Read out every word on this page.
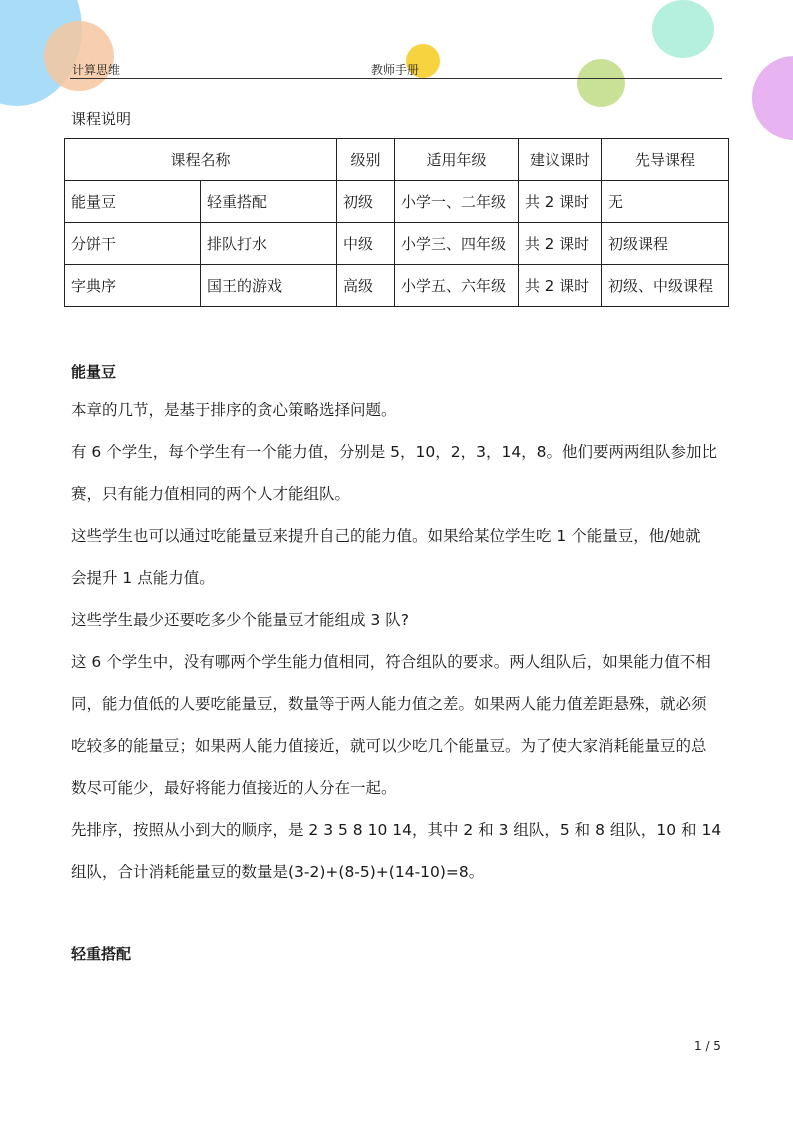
计算思维	教师手册
课程说明
课程名称		级别	适用年级	建议课时	先导课程
能量豆	轻重搭配	初级	小学一、二年级	共 2 课时	无
分饼干	排队打水	中级	小学三、四年级	共 2 课时	初级课程
字典序	国王的游戏	高级	小学五、六年级	共 2 课时	初级、中级课程
能量豆
本章的几节，是基于排序的贪心策略选择问题。
有 6 个学生，每个学生有一个能力值，分别是 5，10，2，3，14，8。他们要两两组队参加比
赛，只有能力值相同的两个人才能组队。
这些学生也可以通过吃能量豆来提升自己的能力值。如果给某位学生吃 1 个能量豆，他/她就
会提升 1 点能力值。
这些学生最少还要吃多少个能量豆才能组成 3 队?
这 6 个学生中，没有哪两个学生能力值相同，符合组队的要求。两人组队后，如果能力值不相
同，能力值低的人要吃能量豆，数量等于两人能力值之差。如果两人能力值差距悬殊，就必须
吃较多的能量豆；如果两人能力值接近，就可以少吃几个能量豆。为了使大家消耗能量豆的总
数尽可能少，最好将能力值接近的人分在一起。
先排序，按照从小到大的顺序，是 2 3 5 8 10 14，其中 2 和 3 组队，5 和 8 组队，10 和 14
组队，合计消耗能量豆的数量是(3-2)+(8-5)+(14-10)=8。
轻重搭配
1 / 5
